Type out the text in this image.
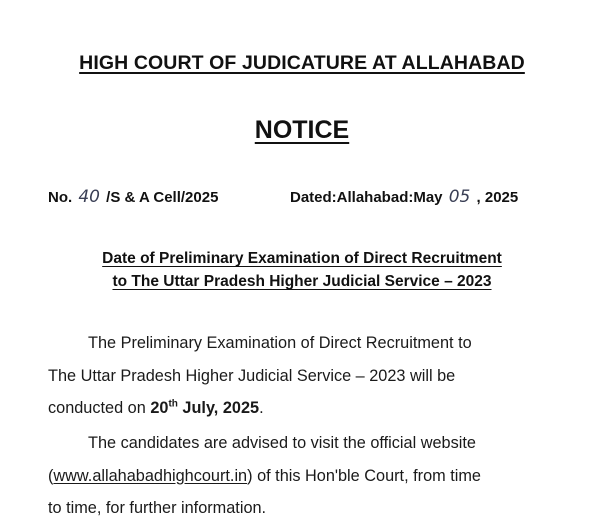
HIGH COURT OF JUDICATURE AT ALLAHABAD
NOTICE
No. 40 /S & A Cell/2025	Dated:Allahabad:May 05 , 2025
Date of Preliminary Examination of Direct Recruitment
to The Uttar Pradesh Higher Judicial Service – 2023
The Preliminary Examination of Direct Recruitment to
The Uttar Pradesh Higher Judicial Service – 2023 will be
conducted on 20th July, 2025.
The candidates are advised to visit the official website
(www.allahabadhighcourt.in) of this Hon'ble Court, from time
to time, for further information.
